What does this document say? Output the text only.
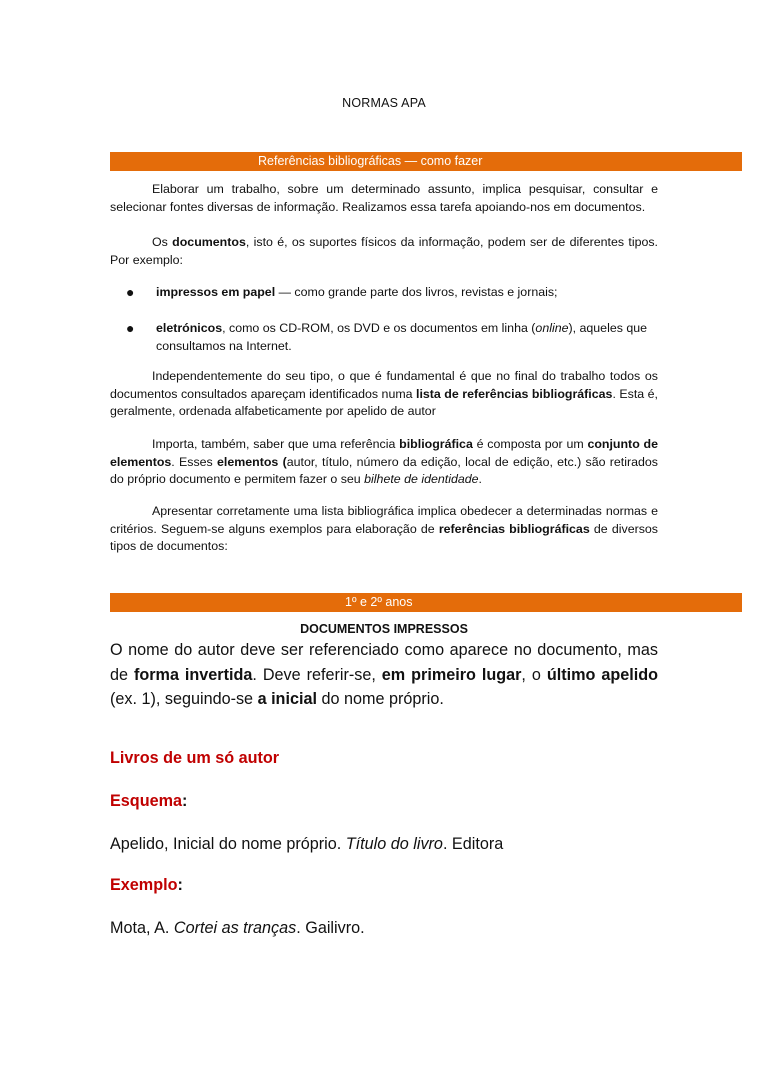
NORMAS APA
Referências bibliográficas — como fazer
Elaborar um trabalho, sobre um determinado assunto, implica pesquisar, consultar e selecionar fontes diversas de informação. Realizamos essa tarefa apoiando-nos em documentos.
Os documentos, isto é, os suportes físicos da informação, podem ser de diferentes tipos. Por exemplo:
● impressos em papel — como grande parte dos livros, revistas e jornais;
● eletrónicos, como os CD-ROM, os DVD e os documentos em linha (online), aqueles que consultamos na Internet.
Independentemente do seu tipo, o que é fundamental é que no final do trabalho todos os documentos consultados apareçam identificados numa lista de referências bibliográficas. Esta é, geralmente, ordenada alfabeticamente por apelido de autor
Importa, também, saber que uma referência bibliográfica é composta por um conjunto de elementos. Esses elementos (autor, título, número da edição, local de edição, etc.) são retirados do próprio documento e permitem fazer o seu bilhete de identidade.
Apresentar corretamente uma lista bibliográfica implica obedecer a determinadas normas e critérios. Seguem-se alguns exemplos para elaboração de referências bibliográficas de diversos tipos de documentos:
1º e 2º anos
DOCUMENTOS IMPRESSOS
O nome do autor deve ser referenciado como aparece no documento, mas de forma invertida. Deve referir-se, em primeiro lugar, o último apelido (ex. 1), seguindo-se a inicial do nome próprio.
Livros de um só autor
Esquema:
Apelido, Inicial do nome próprio. Título do livro. Editora
Exemplo:
Mota, A. Cortei as tranças. Gailivro.
